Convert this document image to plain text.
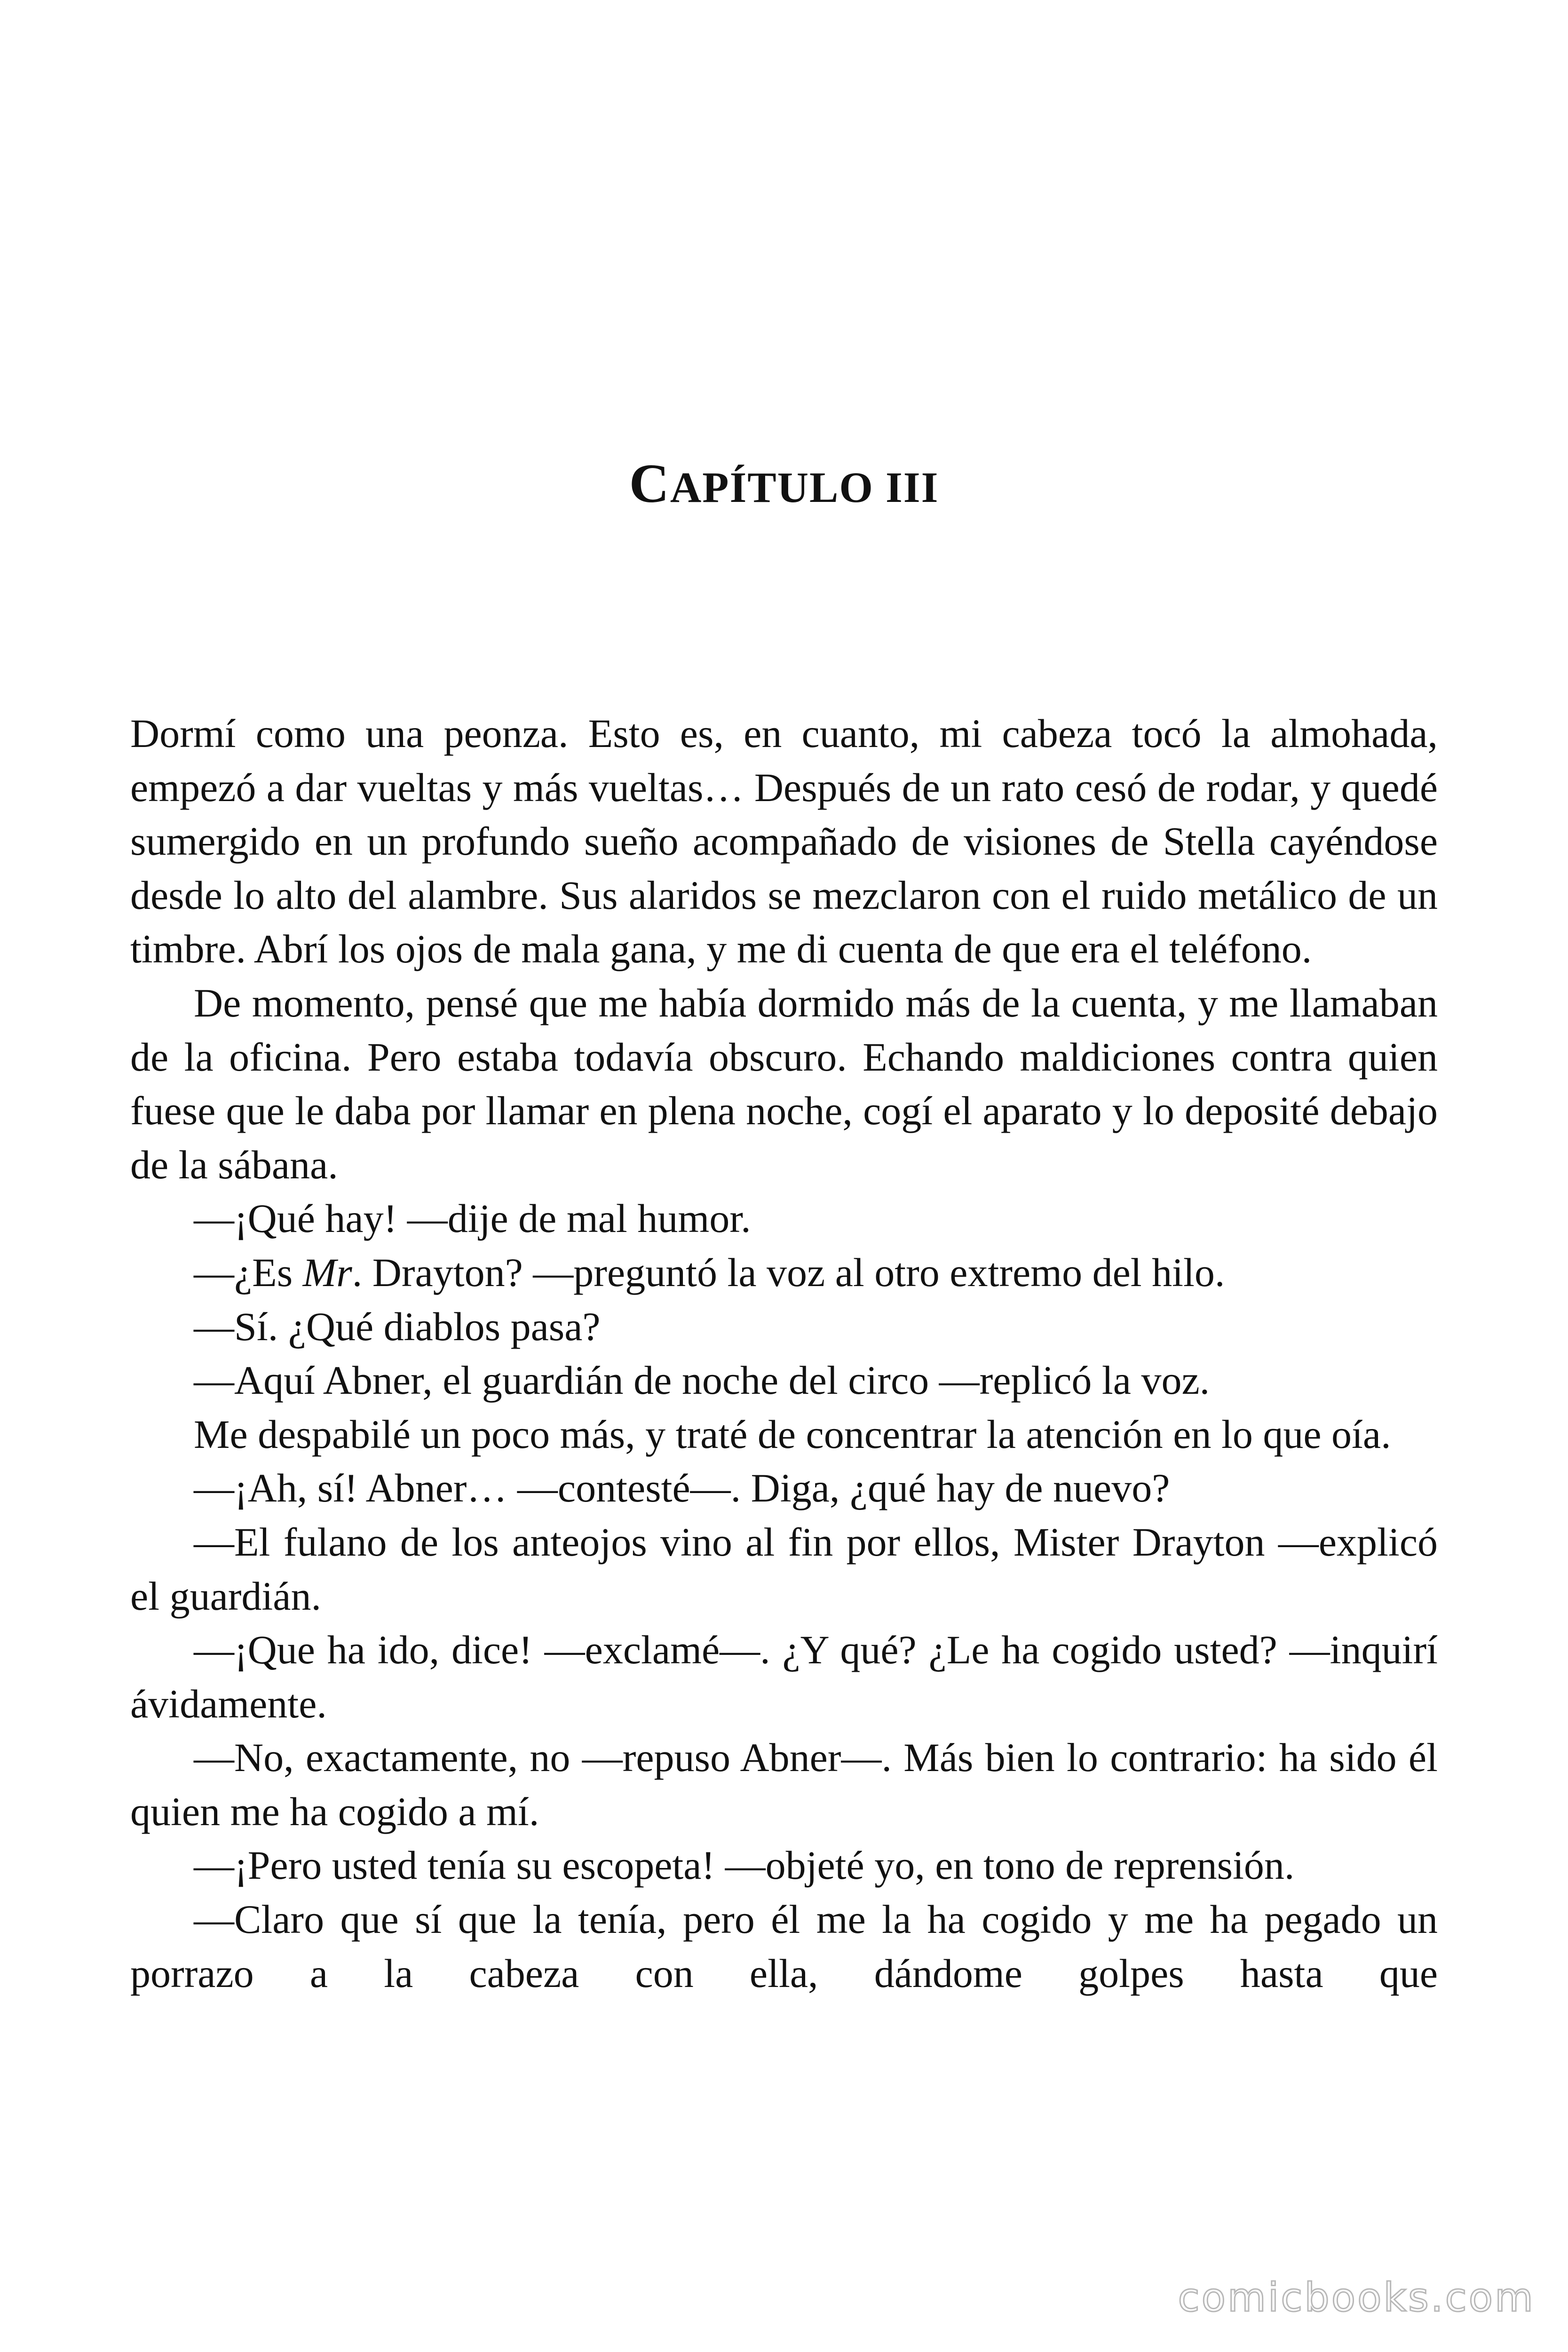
CAPÍTULO III

Dormí como una peonza. Esto es, en cuanto, mi cabeza tocó la almohada, empezó a dar vueltas y más vueltas… Después de un rato cesó de rodar, y quedé sumergido en un profundo sueño acompañado de visiones de Stella cayéndose desde lo alto del alambre. Sus alaridos se mezclaron con el ruido metálico de un timbre. Abrí los ojos de mala gana, y me di cuenta de que era el teléfono.

De momento, pensé que me había dormido más de la cuenta, y me llamaban de la oficina. Pero estaba todavía obscuro. Echando maldiciones contra quien fuese que le daba por llamar en plena noche, cogí el aparato y lo deposité debajo de la sábana.

—¡Qué hay! —dije de mal humor.

—¿Es Mr. Drayton? —preguntó la voz al otro extremo del hilo.

—Sí. ¿Qué diablos pasa?

—Aquí Abner, el guardián de noche del circo —replicó la voz.

Me despabilé un poco más, y traté de concentrar la atención en lo que oía.

—¡Ah, sí! Abner… —contesté—. Diga, ¿qué hay de nuevo?

—El fulano de los anteojos vino al fin por ellos, Mister Drayton —explicó el guardián.

—¡Que ha ido, dice! —exclamé—. ¿Y qué? ¿Le ha cogido usted? —inquirí ávidamente.

—No, exactamente, no —repuso Abner—. Más bien lo contrario: ha sido él quien me ha cogido a mí.

—¡Pero usted tenía su escopeta! —objeté yo, en tono de reprensión.

—Claro que sí que la tenía, pero él me la ha cogido y me ha pegado un porrazo a la cabeza con ella, dándome golpes hasta que

comicbooks.com
